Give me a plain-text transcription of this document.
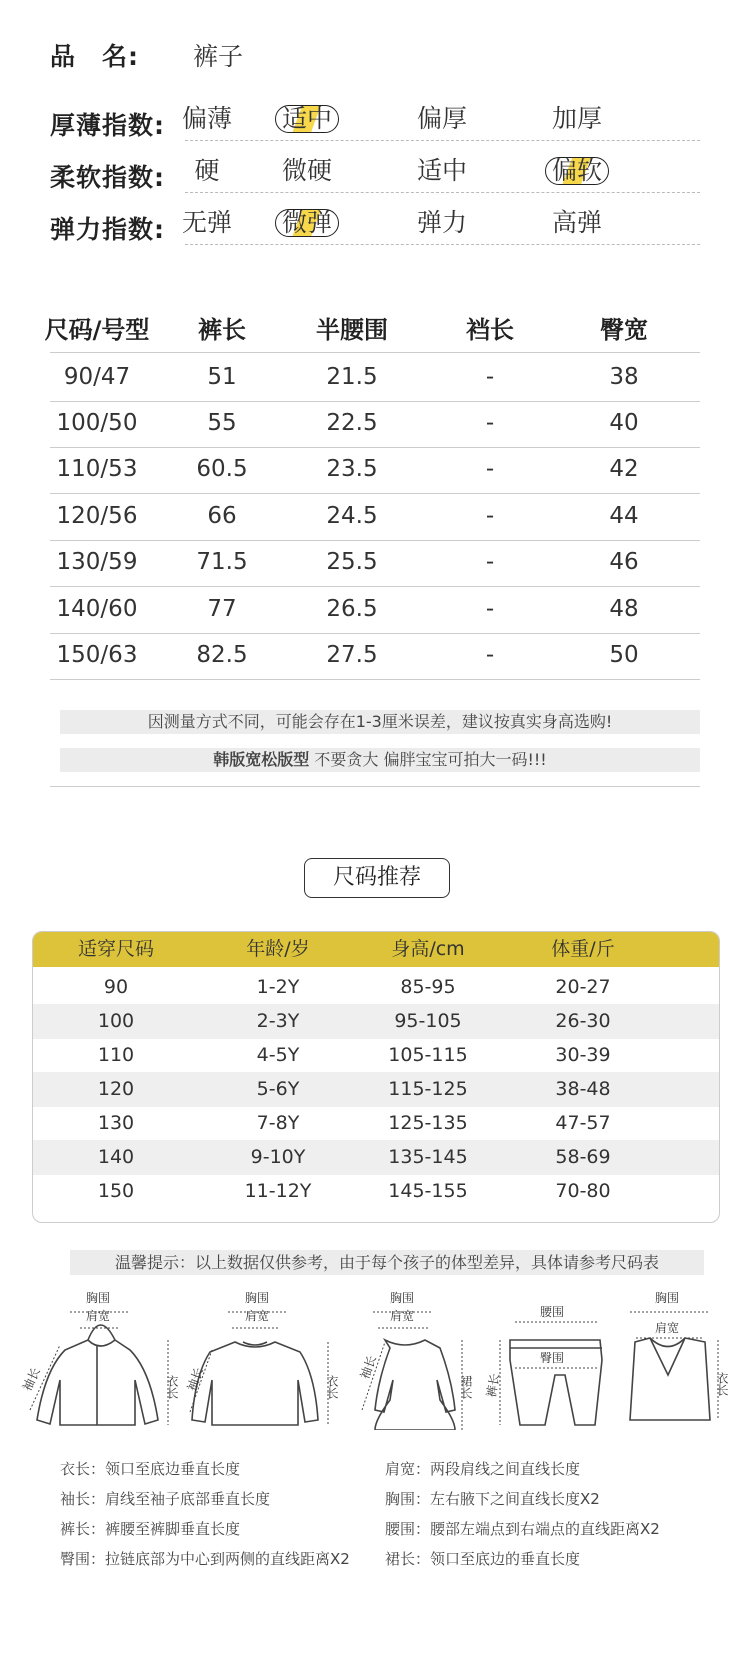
品　名: 裤子
厚薄指数: 偏薄	适中	偏厚	加厚
柔软指数:	硬	微硬	适中	偏软
弹力指数: 无弹	微弹	弹力	高弹
尺码/号型	裤长	半腰围	裆长	臀宽
90/47	51	21.5	-	38
100/50	55	22.5	-	40
110/53	60.5	23.5	-	42
120/56	66	24.5	-	44
130/59	71.5	25.5	-	46
140/60	77	26.5	-	48
150/63	82.5	27.5	-	50
因测量方式不同，可能会存在1-3厘米误差，建议按真实身高选购!
韩版宽松版型 不要贪大 偏胖宝宝可拍大一码!!!
尺码推荐
适穿尺码	年龄/岁	身高/cm	体重/斤
90	1-2Y	85-95	20-27
100	2-3Y	95-105	26-30
110	4-5Y	105-115	30-39
120	5-6Y	115-125	38-48
130	7-8Y	125-135	47-57
140	9-10Y	135-145	58-69
150	11-12Y	145-155	70-80
温馨提示：以上数据仅供参考，由于每个孩子的体型差异，具体请参考尺码表
胸围
肩宽
胸围
肩宽
胸围
肩宽	腰围
臀围
胸围
肩宽
袖长	袖长	袖长
裤长
衣长	衣长	裙长	衣长
衣长：领口至底边垂直长度	肩宽：两段肩线之间直线长度
袖长：肩线至袖子底部垂直长度	胸围：左右腋下之间直线长度X2
裤长：裤腰至裤脚垂直长度	腰围：腰部左端点到右端点的直线距离X2
臀围：拉链底部为中心到两侧的直线距离X2 裙长：领口至底边的垂直长度
